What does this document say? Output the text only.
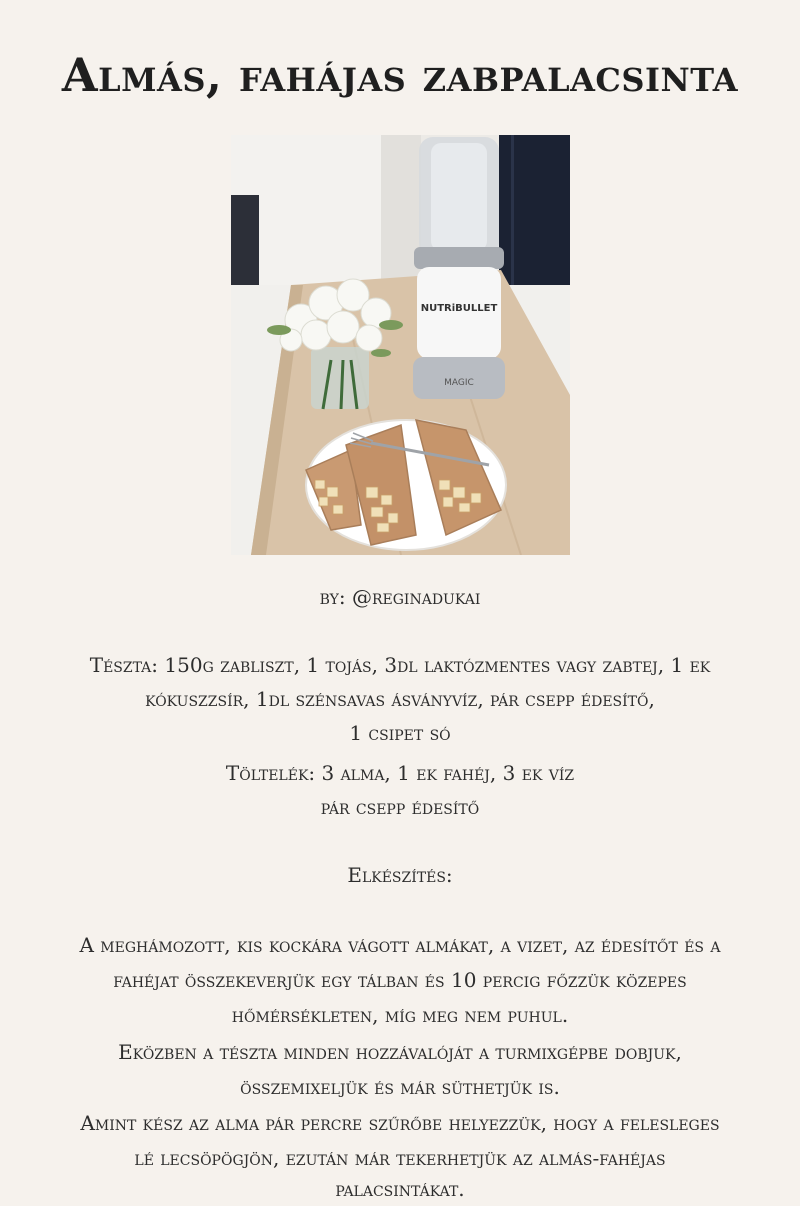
Almás, fahájas zabpalacsinta
NUTRiBULLET
MAGIC
by: @reginadukai
Tészta: 150g zabliszt, 1 tojás, 3dl laktózmentes vagy zabtej, 1 ek
kókuszzsír, 1dl szénsavas ásványvíz, pár csepp édesítő,
1 csipet só
Töltelék: 3 alma, 1 ek fahéj, 3 ek víz
pár csepp édesítő
Elkészítés:
A meghámozott, kis kockára vágott almákat, a vizet, az édesítőt és a
fahéjat összekeverjük egy tálban és 10 percig főzzük közepes
hőmérsékleten, míg meg nem puhul.
Eközben a tészta minden hozzávalóját a turmixgépbe dobjuk,
összemixeljük és már süthetjük is.
Amint kész az alma pár percre szűrőbe helyezzük, hogy a felesleges
lé lecsöpögjön, ezután már tekerhetjük az almás-fahéjas
palacsintákat.
